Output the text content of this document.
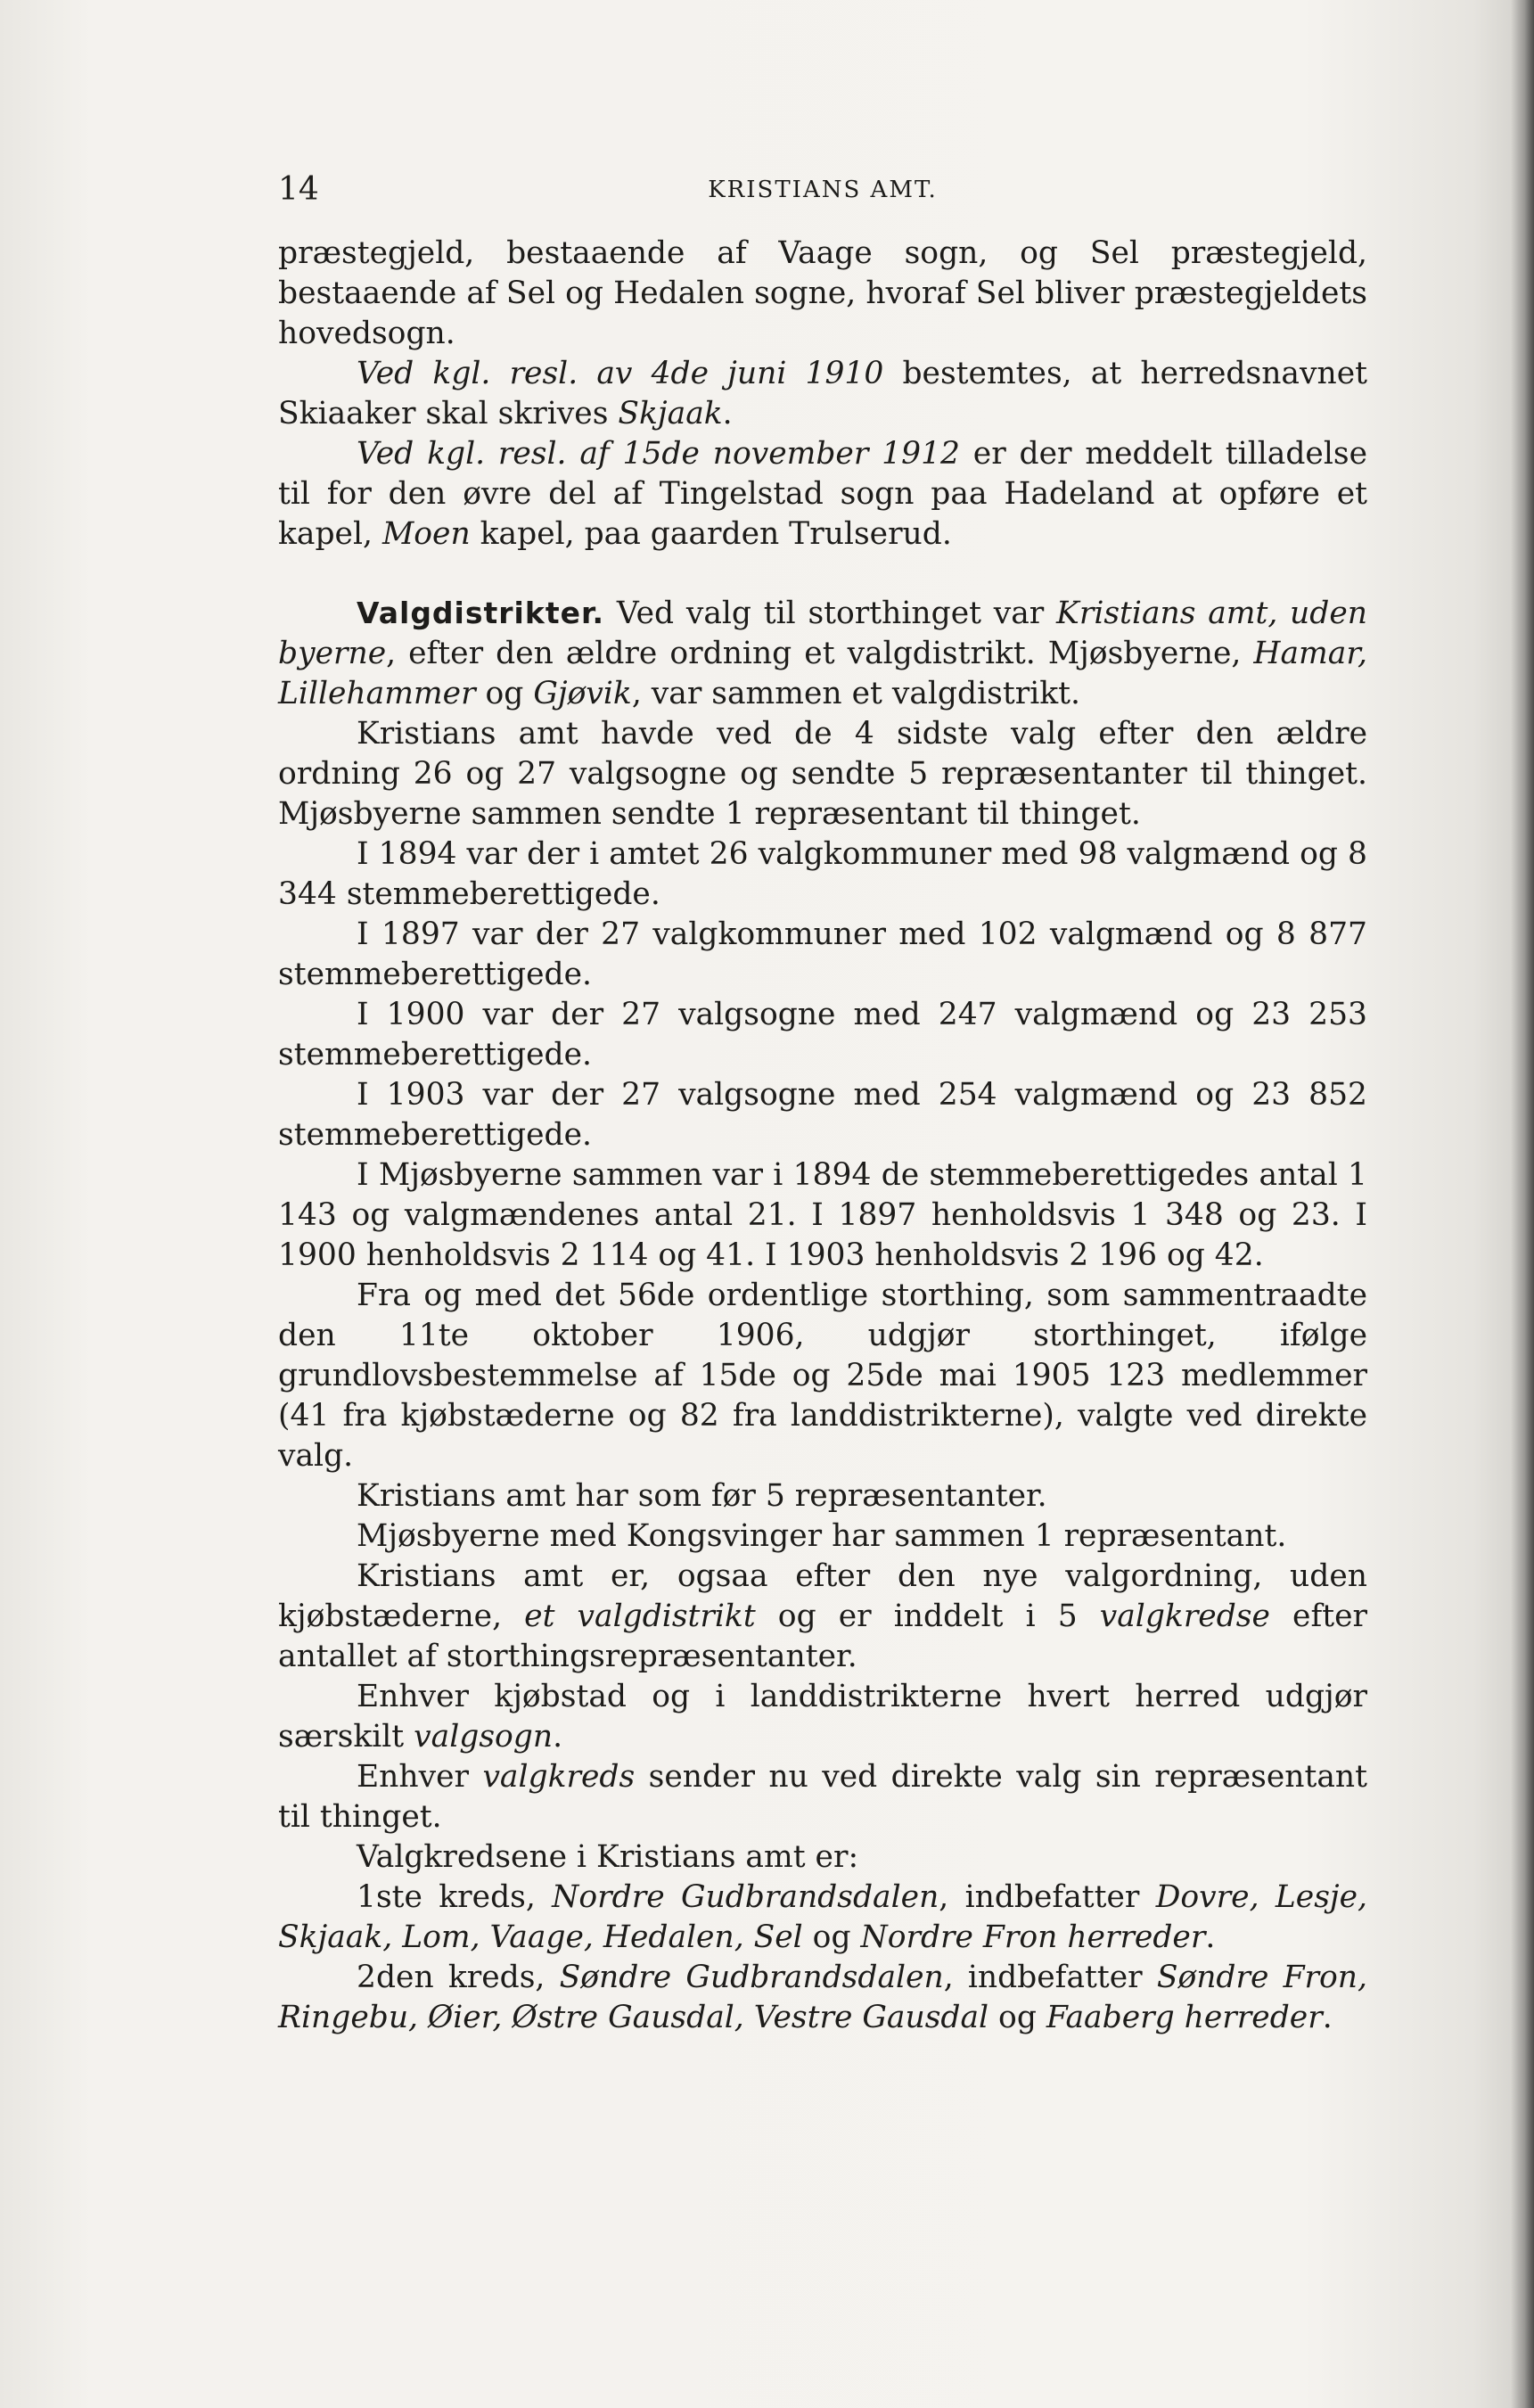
14	KRISTIANS AMT.

præstegjeld, bestaaende af Vaage sogn, og Sel præstegjeld, bestaaende af Sel og Hedalen sogne, hvoraf Sel bliver præstegjeldets hovedsogn.

Ved kgl. resl. av 4de juni 1910 bestemtes, at herredsnavnet Skiaaker skal skrives Skjaak.

Ved kgl. resl. af 15de november 1912 er der meddelt tilladelse til for den øvre del af Tingelstad sogn paa Hadeland at opføre et kapel, Moen kapel, paa gaarden Trulserud.

Valgdistrikter. Ved valg til storthinget var Kristians amt, uden byerne, efter den ældre ordning et valgdistrikt. Mjøsbyerne, Hamar, Lillehammer og Gjøvik, var sammen et valgdistrikt.

Kristians amt havde ved de 4 sidste valg efter den ældre ordning 26 og 27 valgsogne og sendte 5 repræsentanter til thinget. Mjøsbyerne sammen sendte 1 repræsentant til thinget.

I 1894 var der i amtet 26 valgkommuner med 98 valgmænd og 8 344 stemmeberettigede.

I 1897 var der 27 valgkommuner med 102 valgmænd og 8 877 stemmeberettigede.

I 1900 var der 27 valgsogne med 247 valgmænd og 23 253 stemmeberettigede.

I 1903 var der 27 valgsogne med 254 valgmænd og 23 852 stemmeberettigede.

I Mjøsbyerne sammen var i 1894 de stemmeberettigedes antal 1 143 og valgmændenes antal 21. I 1897 henholdsvis 1 348 og 23. I 1900 henholdsvis 2 114 og 41. I 1903 henholdsvis 2 196 og 42.

Fra og med det 56de ordentlige storthing, som sammentraadte den 11te oktober 1906, udgjør storthinget, ifølge grundlovsbestemmelse af 15de og 25de mai 1905 123 medlemmer (41 fra kjøbstæderne og 82 fra landdistrikterne), valgte ved direkte valg.

Kristians amt har som før 5 repræsentanter.

Mjøsbyerne med Kongsvinger har sammen 1 repræsentant.

Kristians amt er, ogsaa efter den nye valgordning, uden kjøbstæderne, et valgdistrikt og er inddelt i 5 valgkredse efter antallet af storthingsrepræsentanter.

Enhver kjøbstad og i landdistrikterne hvert herred udgjør særskilt valgsogn.

Enhver valgkreds sender nu ved direkte valg sin repræsentant til thinget.

Valgkredsene i Kristians amt er:

1ste kreds, Nordre Gudbrandsdalen, indbefatter Dovre, Lesje, Skjaak, Lom, Vaage, Hedalen, Sel og Nordre Fron herreder.

2den kreds, Søndre Gudbrandsdalen, indbefatter Søndre Fron, Ringebu, Øier, Østre Gausdal, Vestre Gausdal og Faaberg herreder.
